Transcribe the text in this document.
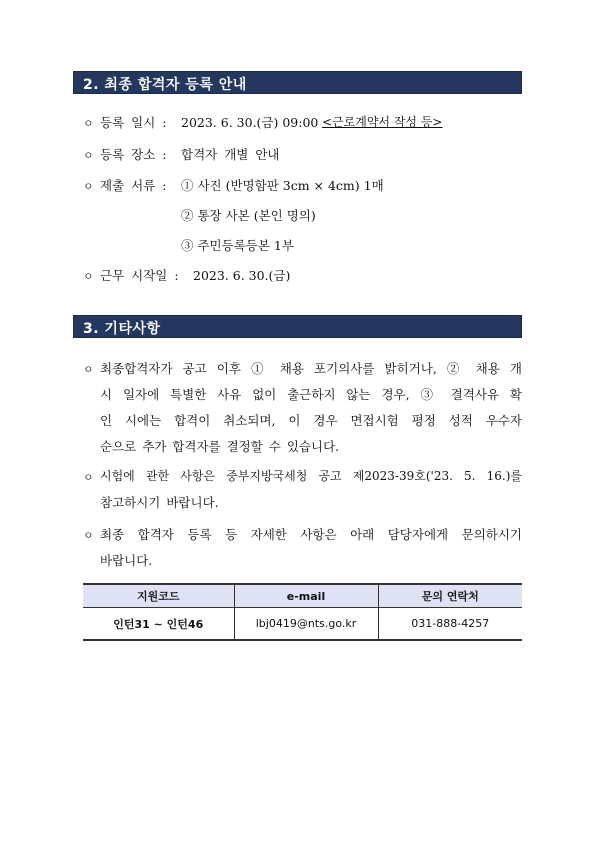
2. 최종 합격자 등록 안내
ㅇ 등록 일시 : 2023. 6. 30.(금) 09:00 <근로계약서 작성 등>
ㅇ 등록 장소 : 합격자 개별 안내
ㅇ 제출 서류 : ① 사진 (반명함판 3cm × 4cm) 1매
② 통장 사본 (본인 명의)
③ 주민등록등본 1부
ㅇ 근무 시작일 : 2023. 6. 30.(금)
3. 기타사항
ㅇ 최종합격자가 공고 이후 ① 채용 포기의사를 밝히거나, ② 채용 개
시 일자에 특별한 사유 없이 출근하지 않는 경우, ③ 결격사유 확
인 시에는 합격이 취소되며, 이 경우 면접시험 평정 성적 우수자
순으로 추가 합격자를 결정할 수 있습니다.
ㅇ 시험에 관한 사항은 중부지방국세청 공고 제2023-39호('23. 5. 16.)를
참고하시기 바랍니다.
ㅇ 최종 합격자 등록 등 자세한 사항은 아래 담당자에게 문의하시기
바랍니다.
지원코드	e-mail	문의 연락처
인턴31 ~ 인턴46	lbj0419@nts.go.kr	031-888-4257
